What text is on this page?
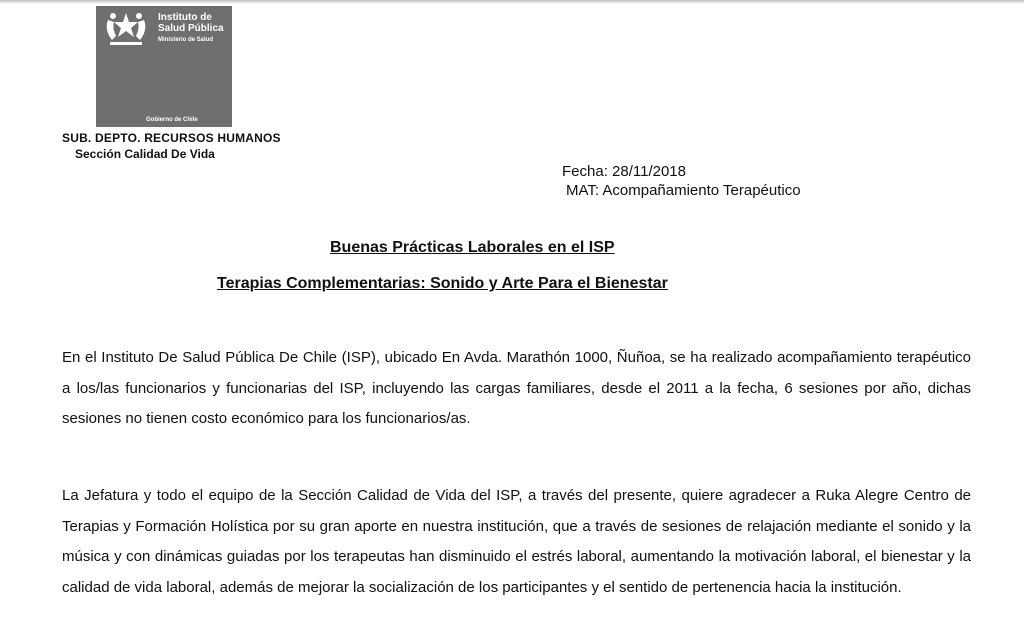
Instituto de Salud Pública
Ministerio de Salud
Gobierno de Chile
SUB. DEPTO. RECURSOS HUMANOS
Sección Calidad De Vida
Fecha: 28/11/2018
MAT: Acompañamiento Terapéutico
Buenas Prácticas Laborales en el ISP
Terapias Complementarias: Sonido y Arte Para el Bienestar

En el Instituto De Salud Pública De Chile (ISP), ubicado En Avda. Marathón 1000, Ñuñoa, se ha realizado acompañamiento terapéutico a los/las funcionarios y funcionarias del ISP, incluyendo las cargas familiares, desde el 2011 a la fecha, 6 sesiones por año, dichas sesiones no tienen costo económico para los funcionarios/as.

La Jefatura y todo el equipo de la Sección Calidad de Vida del ISP, a través del presente, quiere agradecer a Ruka Alegre Centro de Terapias y Formación Holística por su gran aporte en nuestra institución, que a través de sesiones de relajación mediante el sonido y la música y con dinámicas guiadas por los terapeutas han disminuido el estrés laboral, aumentando la motivación laboral, el bienestar y la calidad de vida laboral, además de mejorar la socialización de los participantes y el sentido de pertenencia hacia la institución.
